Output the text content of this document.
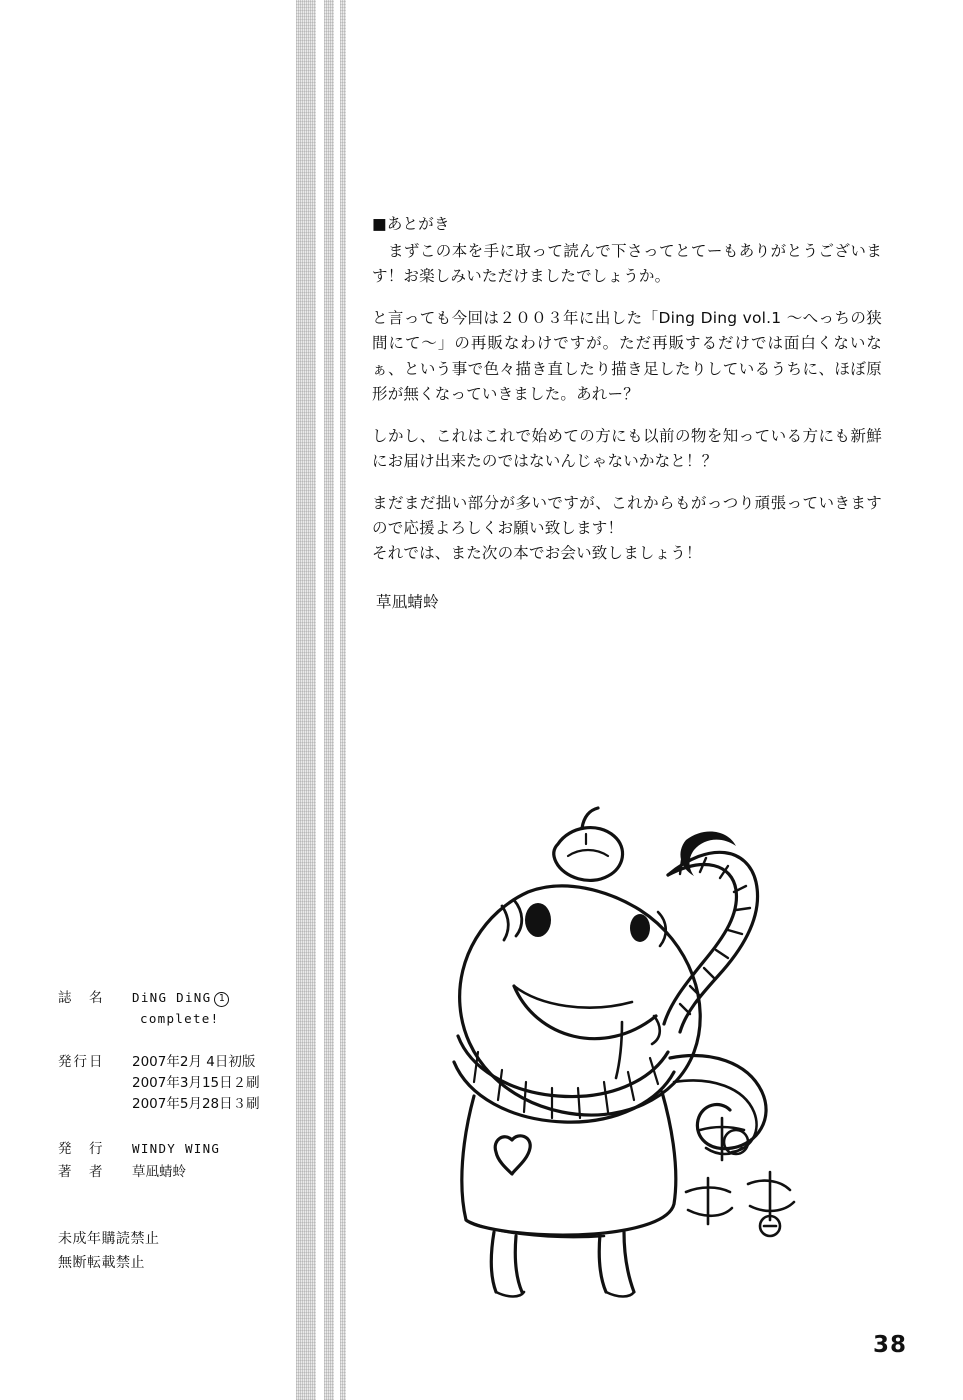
■あとがき

　まずこの本を手に取って読んで下さってとてーもありがとうございます！お楽しみいただけましたでしょうか。

と言っても今回は２００３年に出した「Ding Ding vol.1 〜へっちの狭間にて〜」の再販なわけですが。ただ再販するだけでは面白くないなぁ、という事で色々描き直したり描き足したりしているうちに、ほぼ原形が無くなっていきました。あれー？

しかし、これはこれで始めての方にも以前の物を知っている方にも新鮮にお届け出来たのではないんじゃないかなと！？

まだまだ拙い部分が多いですが、これからもがっつり頑張っていきますので応援よろしくお願い致します！
それでは、また次の本でお会い致しましょう！

草凪蜻蛉

誌　名	DiNG DiNG 1
complete!
発行日	2007年2月 4日初版
2007年3月15日２刷
2007年5月28日３刷
発　行	WINDY WING
著　者	草凪蜻蛉
未成年購読禁止
無断転載禁止
38
